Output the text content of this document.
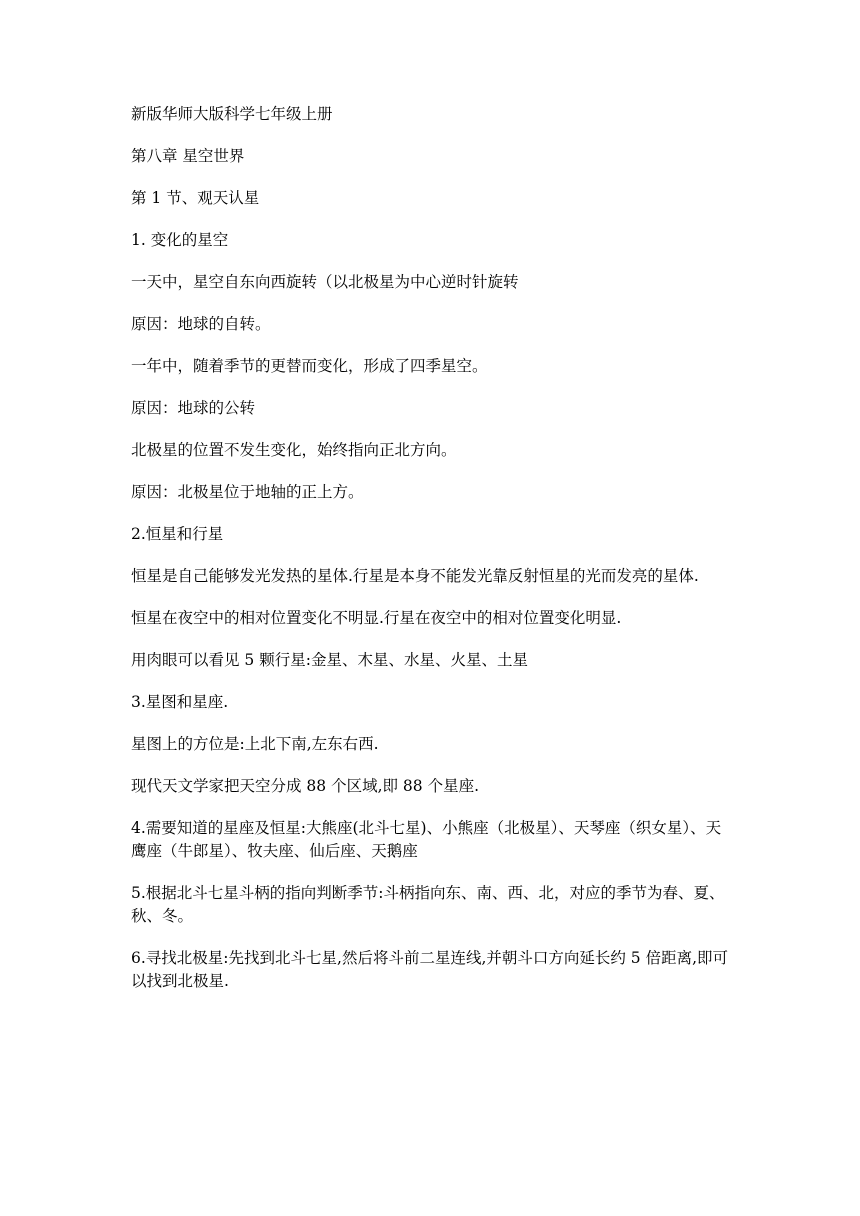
新版华师大版科学七年级上册

第八章 星空世界

第 1 节、观天认星

1. 变化的星空

一天中，星空自东向西旋转（以北极星为中心逆时针旋转

原因：地球的自转。

一年中，随着季节的更替而变化，形成了四季星空。

原因：地球的公转

北极星的位置不发生变化，始终指向正北方向。

原因：北极星位于地轴的正上方。

2.恒星和行星

恒星是自己能够发光发热的星体.行星是本身不能发光靠反射恒星的光而发亮的星体.

恒星在夜空中的相对位置变化不明显.行星在夜空中的相对位置变化明显.

用肉眼可以看见 5 颗行星:金星、木星、水星、火星、土星

3.星图和星座.

星图上的方位是:上北下南,左东右西.

现代天文学家把天空分成 88 个区域,即 88 个星座.

4.需要知道的星座及恒星:大熊座(北斗七星)、小熊座（北极星）、天琴座（织女星）、天鹰座（牛郎星）、牧夫座、仙后座、天鹅座

5.根据北斗七星斗柄的指向判断季节:斗柄指向东、南、西、北，对应的季节为春、夏、秋、冬。

6.寻找北极星:先找到北斗七星,然后将斗前二星连线,并朝斗口方向延长约 5 倍距离,即可以找到北极星.
